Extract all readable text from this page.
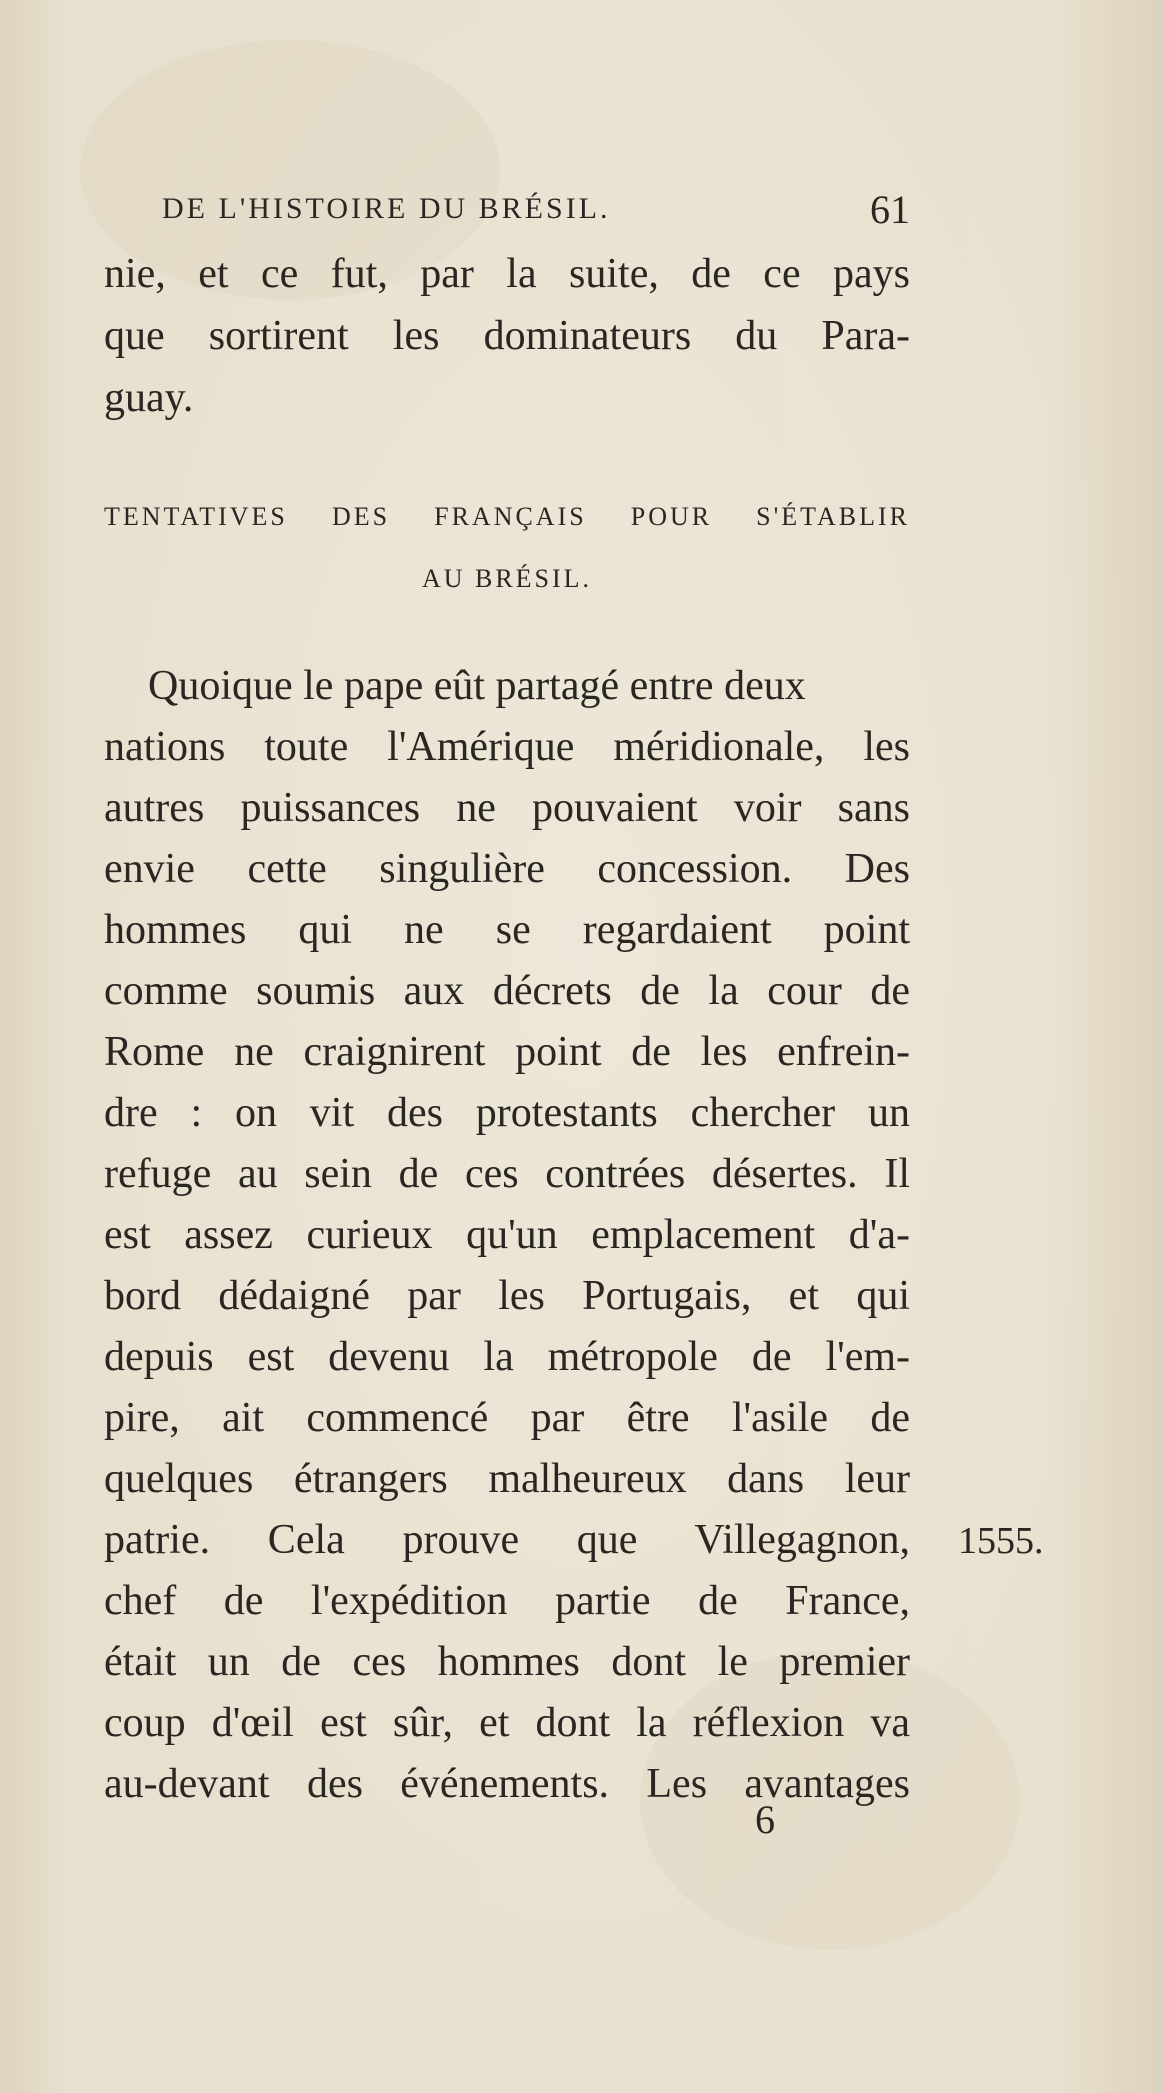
DE L'HISTOIRE DU BRÉSIL.	61
nie, et ce fut, par la suite, de ce pays
que sortirent les dominateurs du Para-
guay.
TENTATIVES DES FRANÇAIS POUR S'ÉTABLIR
AU BRÉSIL.
Quoique le pape eût partagé entre deux
nations toute l'Amérique méridionale, les
autres puissances ne pouvaient voir sans
envie cette singulière concession. Des
hommes qui ne se regardaient point
comme soumis aux décrets de la cour de
Rome ne craignirent point de les enfrein-
dre : on vit des protestants chercher un
refuge au sein de ces contrées désertes. Il
est assez curieux qu'un emplacement d'a-
bord dédaigné par les Portugais, et qui
depuis est devenu la métropole de l'em-
pire, ait commencé par être l'asile de
quelques étrangers malheureux dans leur
patrie. Cela prouve que Villegagnon,
chef de l'expédition partie de France,
était un de ces hommes dont le premier
coup d'œil est sûr, et dont la réflexion va
au-devant des événements. Les avantages
1555.
6
